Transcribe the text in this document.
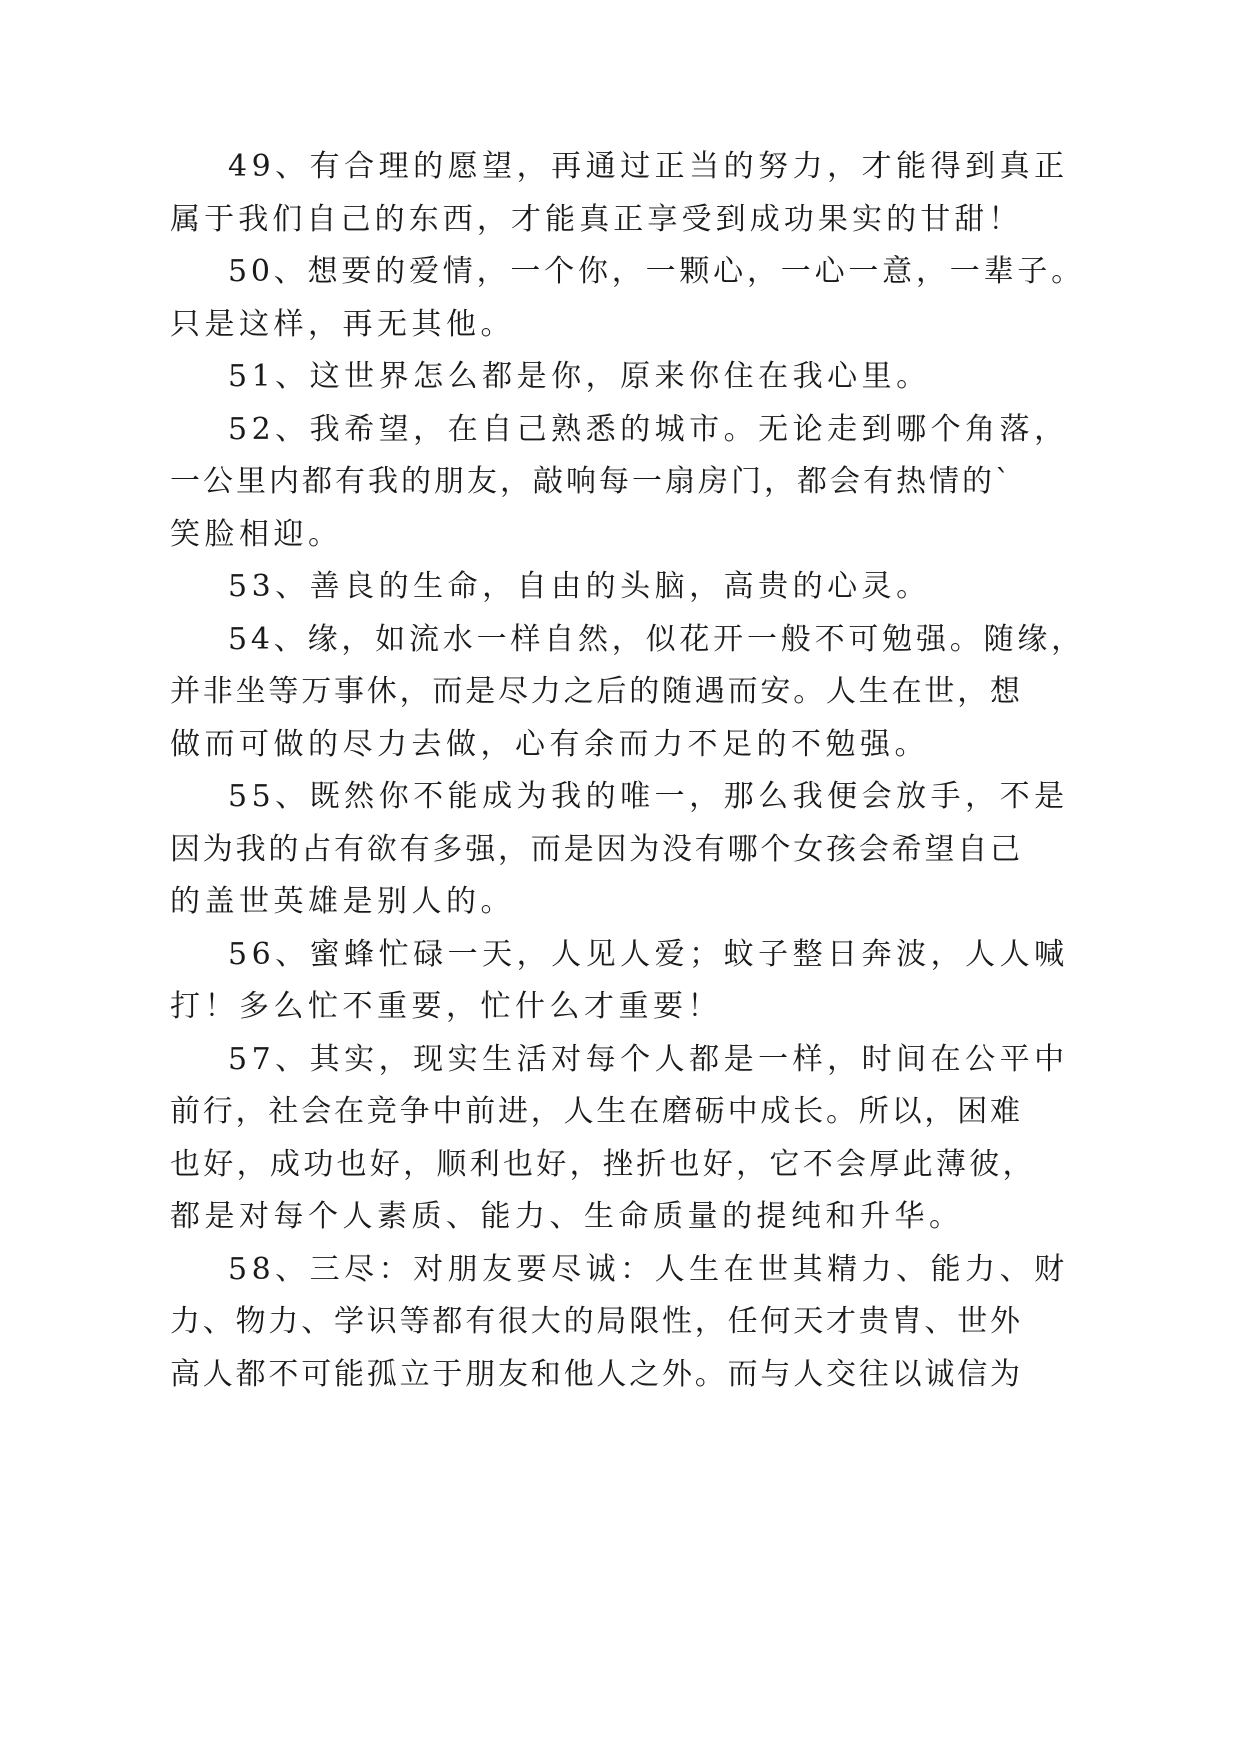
49、有合理的愿望，再通过正当的努力，才能得到真正
属于我们自己的东西，才能真正享受到成功果实的甘甜！
50、想要的爱情，一个你，一颗心，一心一意，一辈子。
只是这样，再无其他。
51、这世界怎么都是你，原来你住在我心里。
52、我希望，在自己熟悉的城市。无论走到哪个角落，
一公里内都有我的朋友，敲响每一扇房门，都会有热情的`
笑脸相迎。
53、善良的生命，自由的头脑，高贵的心灵。
54、缘，如流水一样自然，似花开一般不可勉强。随缘，
并非坐等万事休，而是尽力之后的随遇而安。人生在世，想
做而可做的尽力去做，心有余而力不足的不勉强。
55、既然你不能成为我的唯一，那么我便会放手，不是
因为我的占有欲有多强，而是因为没有哪个女孩会希望自己
的盖世英雄是别人的。
56、蜜蜂忙碌一天，人见人爱；蚊子整日奔波，人人喊
打！多么忙不重要，忙什么才重要！
57、其实，现实生活对每个人都是一样，时间在公平中
前行，社会在竞争中前进，人生在磨砺中成长。所以，困难
也好，成功也好，顺利也好，挫折也好，它不会厚此薄彼，
都是对每个人素质、能力、生命质量的提纯和升华。
58、三尽：对朋友要尽诚：人生在世其精力、能力、财
力、物力、学识等都有很大的局限性，任何天才贵胄、世外
高人都不可能孤立于朋友和他人之外。而与人交往以诚信为
